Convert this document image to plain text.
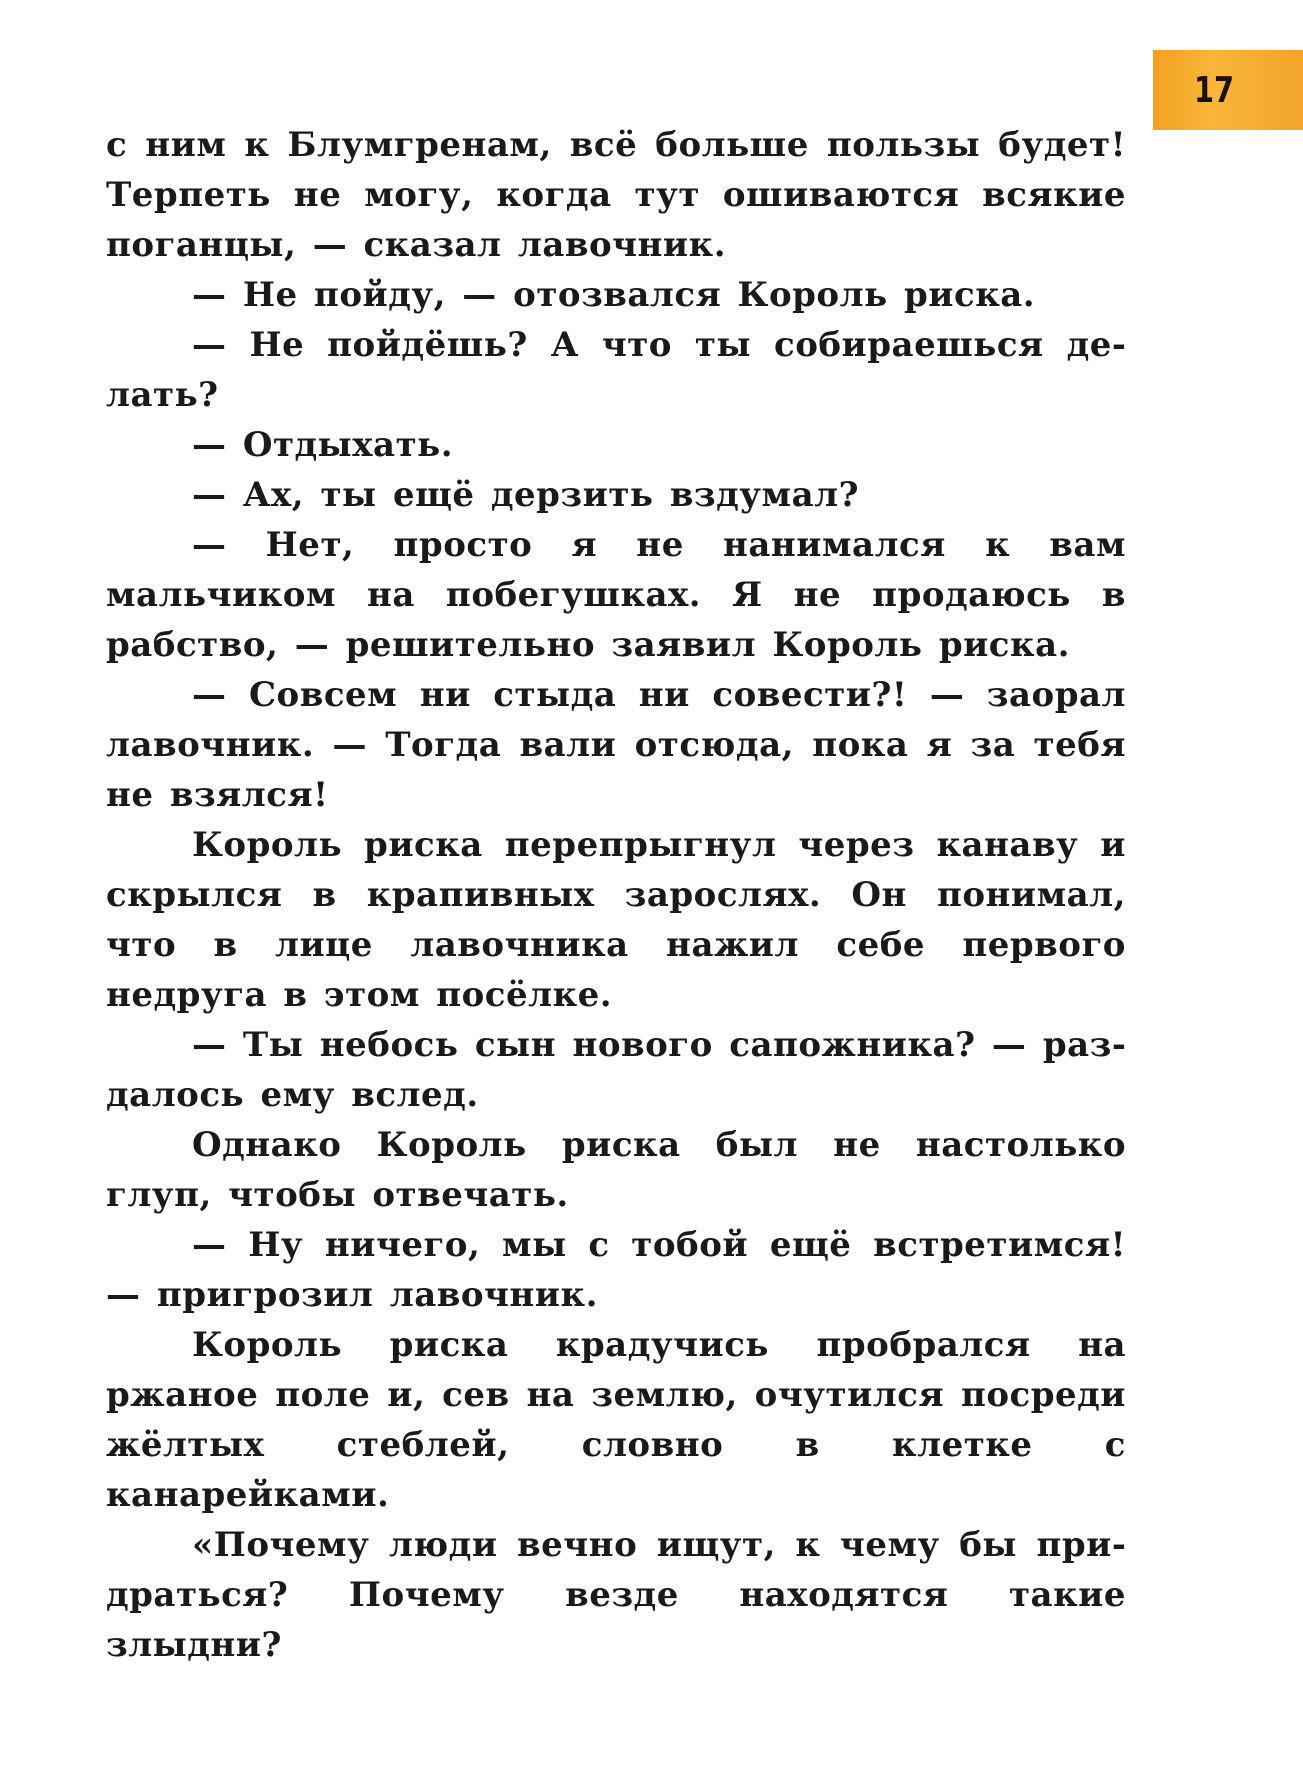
17

с ним к Блумгренам, всё больше пользы будет! Терпеть не могу, когда тут ошиваются всякие поганцы, — сказал лавочник.

— Не пойду, — отозвался Король риска.

— Не пойдёшь? А что ты собираешься делать?

— Отдыхать.

— Ах, ты ещё дерзить вздумал?

— Нет, просто я не нанимался к вам мальчиком на побегушках. Я не продаюсь в рабство, — решительно заявил Король риска.

— Совсем ни стыда ни совести?! — заорал лавочник. — Тогда вали отсюда, пока я за тебя не взялся!

Король риска перепрыгнул через канаву и скрылся в крапивных зарослях. Он понимал, что в лице лавочника нажил себе первого недруга в этом посёлке.

— Ты небось сын нового сапожника? — раздалось ему вслед.

Однако Король риска был не настолько глуп, чтобы отвечать.

— Ну ничего, мы с тобой ещё встретимся! — пригрозил лавочник.

Король риска крадучись пробрался на ржаное поле и, сев на землю, очутился посреди жёлтых стеблей, словно в клетке с канарейками.

«Почему люди вечно ищут, к чему бы придраться? Почему везде находятся такие злыдни?
